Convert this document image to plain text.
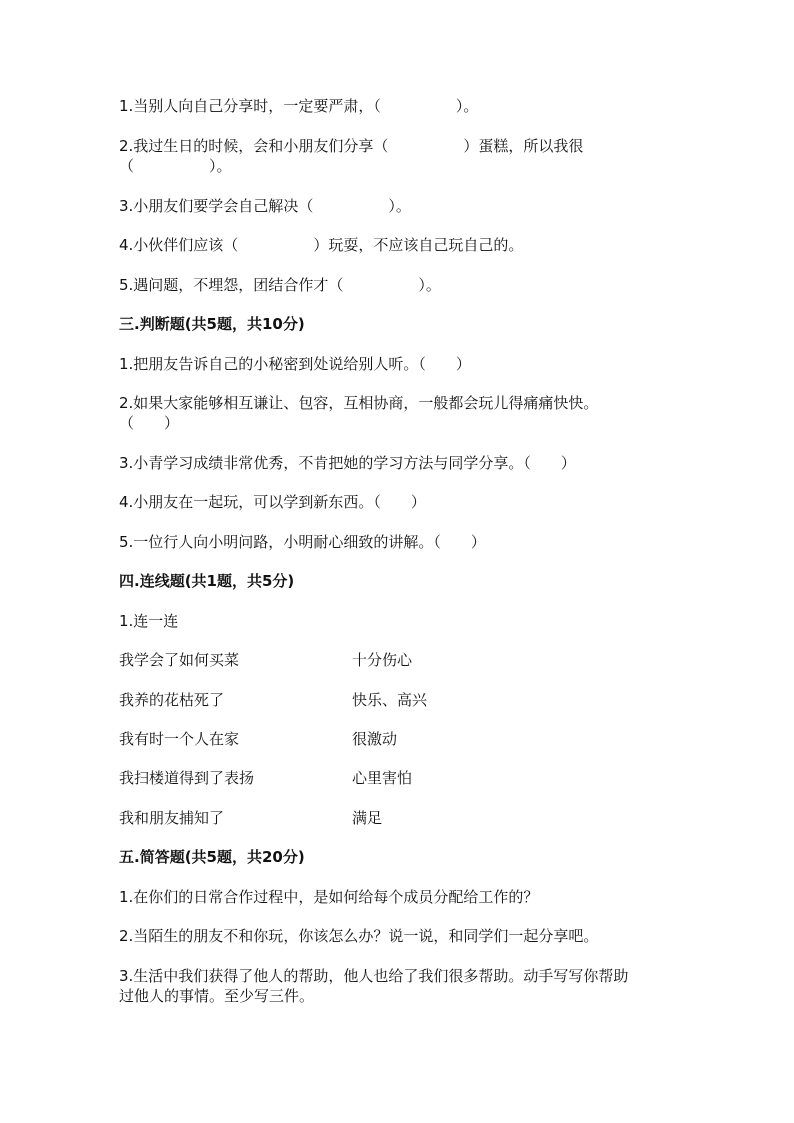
1.当别人向自己分享时，一定要严肃，（　　　　　）。
2.我过生日的时候，会和小朋友们分享（　　　　　）蛋糕，所以我很
（　　　　　）。
3.小朋友们要学会自己解决（　　　　　）。
4.小伙伴们应该（　　　　　）玩耍，不应该自己玩自己的。
5.遇问题，不埋怨，团结合作才（　　　　　）。
三.判断题(共5题，共10分)
1.把朋友告诉自己的小秘密到处说给别人听。（　　）
2.如果大家能够相互谦让、包容，互相协商，一般都会玩儿得痛痛快快。
（　　）
3.小青学习成绩非常优秀，不肯把她的学习方法与同学分享。（　　）
4.小朋友在一起玩，可以学到新东西。（　　）
5.一位行人向小明问路，小明耐心细致的讲解。（　　）
四.连线题(共1题，共5分)
1.连一连
我学会了如何买菜	十分伤心
我养的花枯死了	快乐、高兴
我有时一个人在家	很激动
我扫楼道得到了表扬	心里害怕
我和朋友捕知了	满足
五.简答题(共5题，共20分)
1.在你们的日常合作过程中，是如何给每个成员分配给工作的？
2.当陌生的朋友不和你玩，你该怎么办？说一说，和同学们一起分享吧。
3.生活中我们获得了他人的帮助，他人也给了我们很多帮助。动手写写你帮助
过他人的事情。至少写三件。
